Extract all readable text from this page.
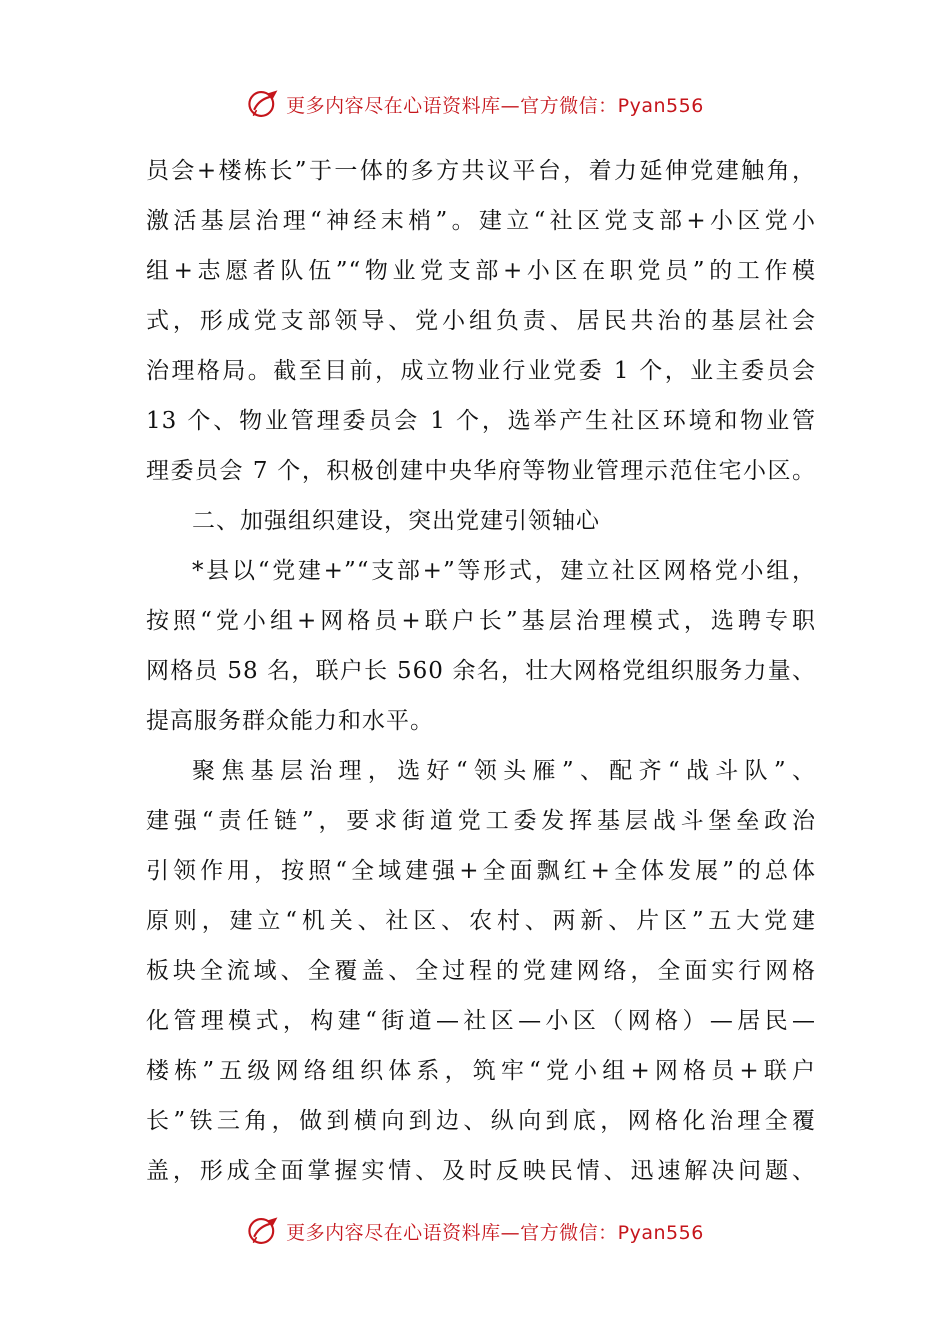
更多内容尽在心语资料库—官方微信：Pyan556
员会+楼栋长”于一体的多方共议平台，着力延伸党建触角，
激活基层治理“神经末梢”。建立“社区党支部+小区党小
组+志愿者队伍”“物业党支部+小区在职党员”的工作模
式，形成党支部领导、党小组负责、居民共治的基层社会
治理格局。截至目前，成立物业行业党委 1 个，业主委员会
13 个、物业管理委员会 1 个，选举产生社区环境和物业管
理委员会 7 个，积极创建中央华府等物业管理示范住宅小区。
二、加强组织建设，突出党建引领轴心
*县以“党建+”“支部+”等形式，建立社区网格党小组，
按照“党小组+网格员+联户长”基层治理模式，选聘专职
网格员 58 名，联户长 560 余名，壮大网格党组织服务力量、
提高服务群众能力和水平。
聚焦基层治理，选好“领头雁”、配齐“战斗队”、
建强“责任链”，要求街道党工委发挥基层战斗堡垒政治
引领作用，按照“全域建强+全面飘红+全体发展”的总体
原则，建立“机关、社区、农村、两新、片区”五大党建
板块全流域、全覆盖、全过程的党建网络，全面实行网格
化管理模式，构建“街道—社区—小区（网格）—居民—
楼栋”五级网络组织体系，筑牢“党小组+网格员+联户
长”铁三角，做到横向到边、纵向到底，网格化治理全覆
盖，形成全面掌握实情、及时反映民情、迅速解决问题、
更多内容尽在心语资料库—官方微信：Pyan556
